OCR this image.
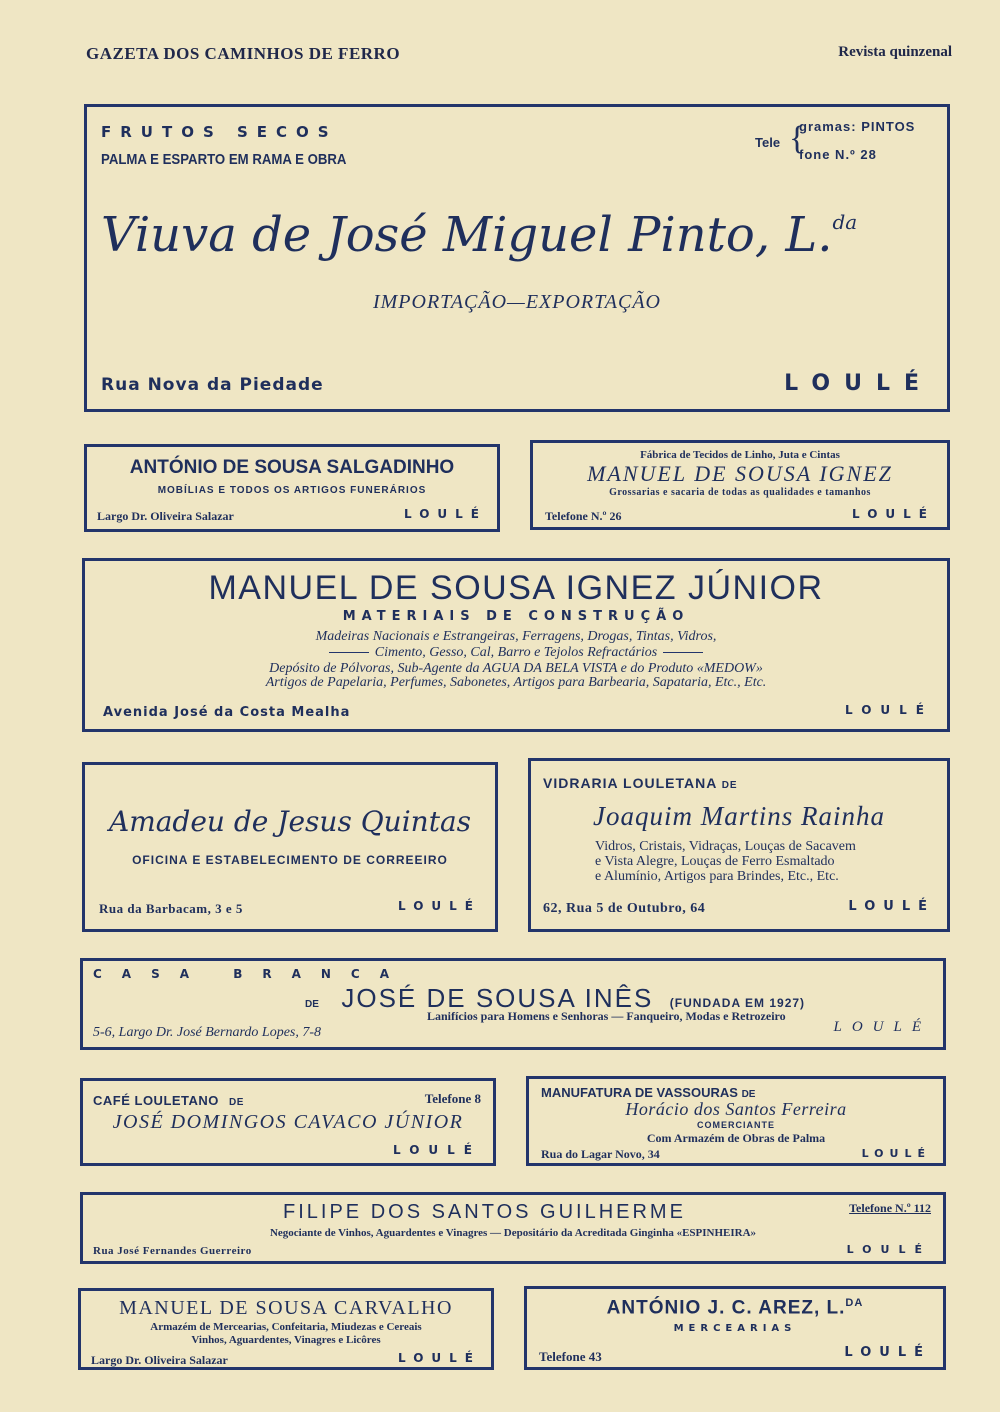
GAZETA DOS CAMINHOS DE FERRO	Revista quinzenal
FRUTOS SECOS
PALMA E ESPARTO EM RAMA E OBRA
Tele {
gramas: PINTOS
fone N.º 28
Viuva de José Miguel Pinto, L.$^{da}$
IMPORTAÇÃO—EXPORTAÇÃO
Rua Nova da Piedade	LOULÉ
ANTÓNIO DE SOUSA SALGADINHO
MOBÍLIAS E TODOS OS ARTIGOS FUNERÁRIOS
Largo Dr. Oliveira Salazar	LOULÉ
Fábrica de Tecidos de Linho, Juta e Cintas
MANUEL DE SOUSA IGNEZ
Grossarias e sacaria de todas as qualidades e tamanhos
Telefone N.º 26	LOULÉ
MANUEL DE SOUSA IGNEZ JÚNIOR
MATERIAIS DE CONSTRUÇÃO
Madeiras Nacionais e Estrangeiras, Ferragens, Drogas, Tintas, Vidros,
Cimento, Gesso, Cal, Barro e Tejolos Refractários
Depósito de Pólvoras, Sub-Agente da AGUA DA BELA VISTA e do Produto «MEDOW»
Artigos de Papelaria, Perfumes, Sabonetes, Artigos para Barbearia, Sapataria, Etc., Etc.
Avenida José da Costa Mealha	LOULÉ
Amadeu de Jesus Quintas
OFICINA E ESTABELECIMENTO DE CORREEIRO
Rua da Barbacam, 3 e 5	LOULÉ
VIDRARIA LOULETANA DE
Joaquim Martins Rainha
Vidros, Cristais, Vidraças, Louças de Sacavem
e Vista Alegre, Louças de Ferro Esmaltado
e Alumínio, Artigos para Brindes, Etc., Etc.
62, Rua 5 de Outubro, 64	LOULÉ
CASA BRANCA
DE JOSÉ DE SOUSA INÊS (FUNDADA EM 1927)
Lanifícios para Homens e Senhoras — Fanqueiro, Modas e Retrozeiro
5-6, Largo Dr. José Bernardo Lopes, 7-8	LOULÉ
CAFÉ LOULETANO DE	Telefone 8
JOSÉ DOMINGOS CAVACO JÚNIOR
LOULÉ
MANUFATURA DE VASSOURAS DE
Horácio dos Santos Ferreira
COMERCIANTE
Com Armazém de Obras de Palma
Rua do Lagar Novo, 34	LOULÉ
FILIPE DOS SANTOS GUILHERME	Telefone N.º 112
Negociante de Vinhos, Aguardentes e Vinagres — Depositário da Acreditada Ginginha «ESPINHEIRA»
Rua José Fernandes Guerreiro	LOULÉ
MANUEL DE SOUSA CARVALHO
Armazém de Mercearias, Confeitaria, Miudezas e Cereais
Vinhos, Aguardentes, Vinagres e Licôres
Largo Dr. Oliveira Salazar	LOULÉ
ANTÓNIO J. C. AREZ, L.$^{DA}$
MERCEARIAS
Telefone 43	LOULÉ
